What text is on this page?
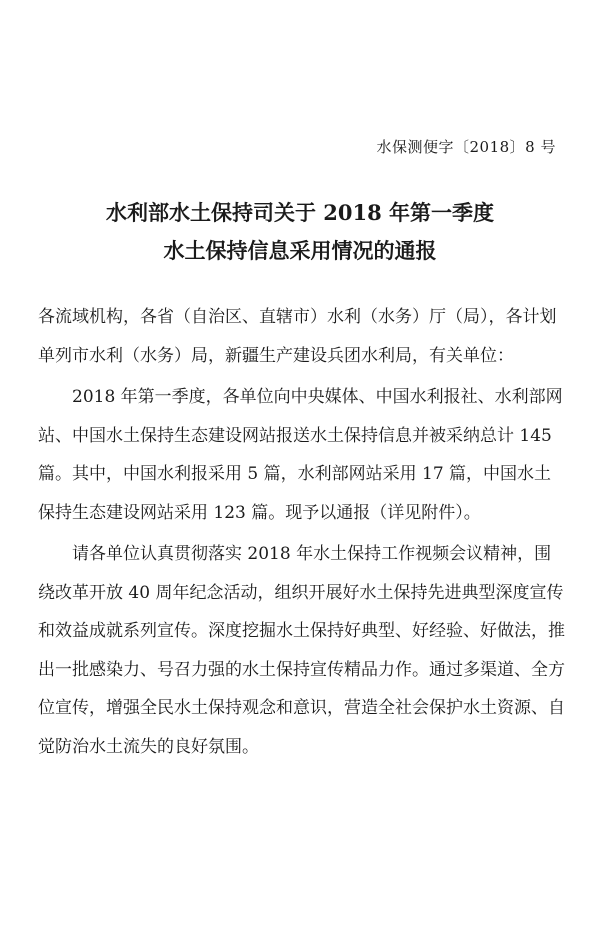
水保测便字〔2018〕8 号
水利部水土保持司关于 2018 年第一季度
水土保持信息采用情况的通报

各流域机构，各省（自治区、直辖市）水利（水务）厅（局），各计划单列市水利（水务）局，新疆生产建设兵团水利局，有关单位：

2018 年第一季度，各单位向中央媒体、中国水利报社、水利部网站、中国水土保持生态建设网站报送水土保持信息并被采纳总计 145 篇。其中，中国水利报采用 5 篇，水利部网站采用 17 篇，中国水土保持生态建设网站采用 123 篇。现予以通报（详见附件）。

请各单位认真贯彻落实 2018 年水土保持工作视频会议精神，围绕改革开放 40 周年纪念活动，组织开展好水土保持先进典型深度宣传和效益成就系列宣传。深度挖掘水土保持好典型、好经验、好做法，推出一批感染力、号召力强的水土保持宣传精品力作。通过多渠道、全方位宣传，增强全民水土保持观念和意识，营造全社会保护水土资源、自觉防治水土流失的良好氛围。
